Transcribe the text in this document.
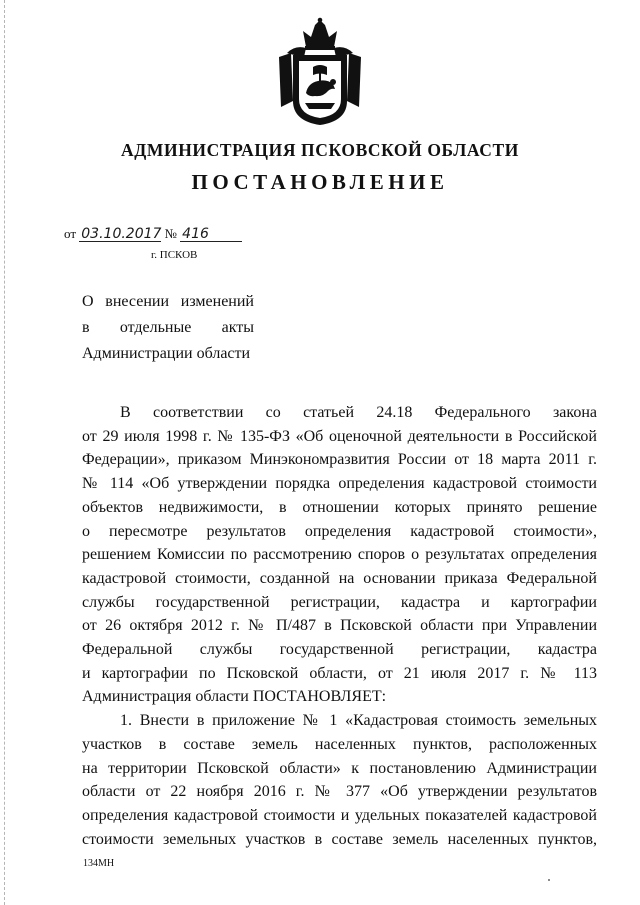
АДМИНИСТРАЦИЯ ПСКОВСКОЙ ОБЛАСТИ
ПОСТАНОВЛЕНИЕ
от 03.10.2017 № 416
г. ПСКОВ
О внесении изменений
в отдельные акты
Администрации области
В соответствии со статьей 24.18 Федерального закона
от 29 июля 1998 г. № 135-ФЗ «Об оценочной деятельности в Российской
Федерации», приказом Минэкономразвития России от 18 марта 2011 г.
№ 114 «Об утверждении порядка определения кадастровой стоимости
объектов недвижимости, в отношении которых принято решение
о пересмотре результатов определения кадастровой стоимости»,
решением Комиссии по рассмотрению споров о результатах определения
кадастровой стоимости, созданной на основании приказа Федеральной
службы государственной регистрации, кадастра и картографии
от 26 октября 2012 г. № П/487 в Псковской области при Управлении
Федеральной службы государственной регистрации, кадастра
и картографии по Псковской области, от 21 июля 2017 г. № 113
Администрация области ПОСТАНОВЛЯЕТ:
1. Внести в приложение № 1 «Кадастровая стоимость земельных
участков в составе земель населенных пунктов, расположенных
на территории Псковской области» к постановлению Администрации
области от 22 ноября 2016 г. № 377 «Об утверждении результатов
определения кадастровой стоимости и удельных показателей кадастровой
стоимости земельных участков в составе земель населенных пунктов,
134МН
